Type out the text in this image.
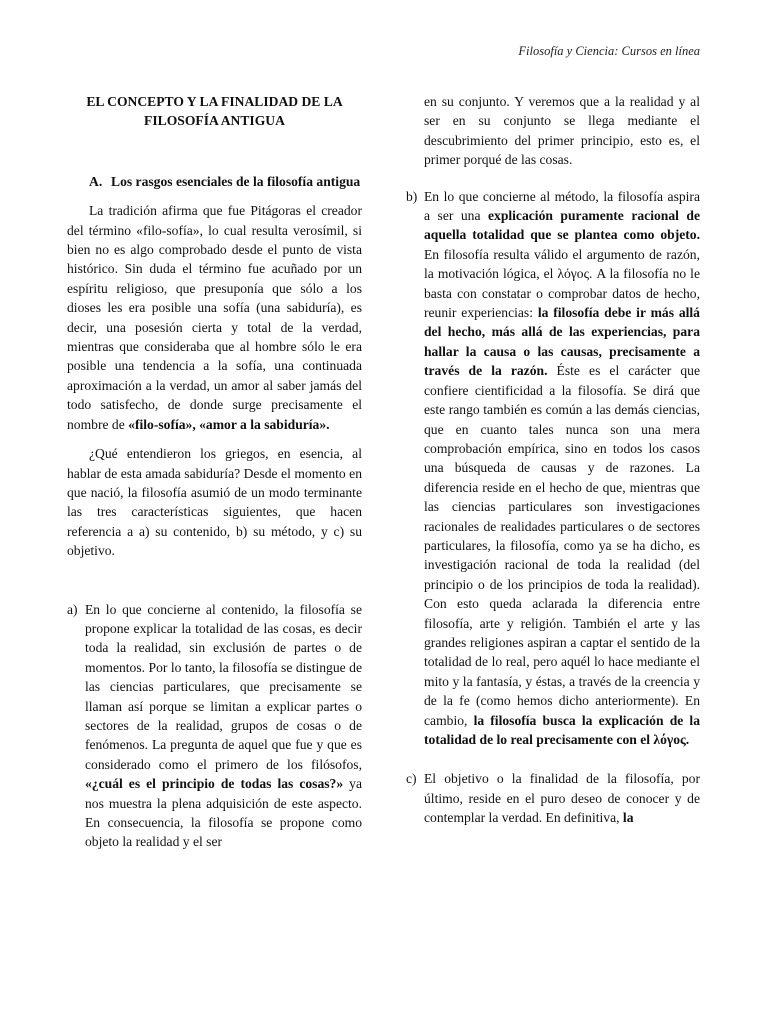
Filosofía y Ciencia: Cursos en línea
EL CONCEPTO Y LA FINALIDAD DE LA
FILOSOFÍA ANTIGUA
A. Los rasgos esenciales de la filosofía antigua

La tradición afirma que fue Pitágoras el creador del término «filo-sofía», lo cual resulta verosímil, si bien no es algo comprobado desde el punto de vista histórico. Sin duda el término fue acuñado por un espíritu religioso, que presuponía que sólo a los dioses les era posible una sofía (una sabiduría), es decir, una posesión cierta y total de la verdad, mientras que consideraba que al hombre sólo le era posible una tendencia a la sofía, una continuada aproximación a la verdad, un amor al saber jamás del todo satisfecho, de donde surge precisamente el nombre de «filo-sofía», «amor a la sabiduría».

¿Qué entendieron los griegos, en esencia, al hablar de esta amada sabiduría? Desde el momento en que nació, la filosofía asumió de un modo terminante las tres características siguientes, que hacen referencia a a) su contenido, b) su método, y c) su objetivo.

a) En lo que concierne al contenido, la filosofía se propone explicar la totalidad de las cosas, es decir toda la realidad, sin exclusión de partes o de momentos. Por lo tanto, la filosofía se distingue de las ciencias particulares, que precisamente se llaman así porque se limitan a explicar partes o sectores de la realidad, grupos de cosas o de fenómenos. La pregunta de aquel que fue y que es considerado como el primero de los filósofos, «¿cuál es el principio de todas las cosas?» ya nos muestra la plena adquisición de este aspecto. En consecuencia, la filosofía se propone como objeto la realidad y el ser
en su conjunto. Y veremos que a la realidad y al ser en su conjunto se llega mediante el descubrimiento del primer principio, esto es, el primer porqué de las cosas.
b) En lo que concierne al método, la filosofía aspira a ser una explicación puramente racional de aquella totalidad que se plantea como objeto. En filosofía resulta válido el argumento de razón, la motivación lógica, el λόγος. A la filosofía no le basta con constatar o comprobar datos de hecho, reunir experiencias: la filosofía debe ir más allá del hecho, más allá de las experiencias, para hallar la causa o las causas, precisamente a través de la razón. Éste es el carácter que confiere cientificidad a la filosofía. Se dirá que este rango también es común a las demás ciencias, que en cuanto tales nunca son una mera comprobación empírica, sino en todos los casos una búsqueda de causas y de razones. La diferencia reside en el hecho de que, mientras que las ciencias particulares son investigaciones racionales de realidades particulares o de sectores particulares, la filosofía, como ya se ha dicho, es investigación racional de toda la realidad (del principio o de los principios de toda la realidad). Con esto queda aclarada la diferencia entre filosofía, arte y religión. También el arte y las grandes religiones aspiran a captar el sentido de la totalidad de lo real, pero aquél lo hace mediante el mito y la fantasía, y éstas, a través de la creencia y de la fe (como hemos dicho anteriormente). En cambio, la filosofía busca la explicación de la totalidad de lo real precisamente con el λόγος.
c) El objetivo o la finalidad de la filosofía, por último, reside en el puro deseo de conocer y de contemplar la verdad. En definitiva, la
